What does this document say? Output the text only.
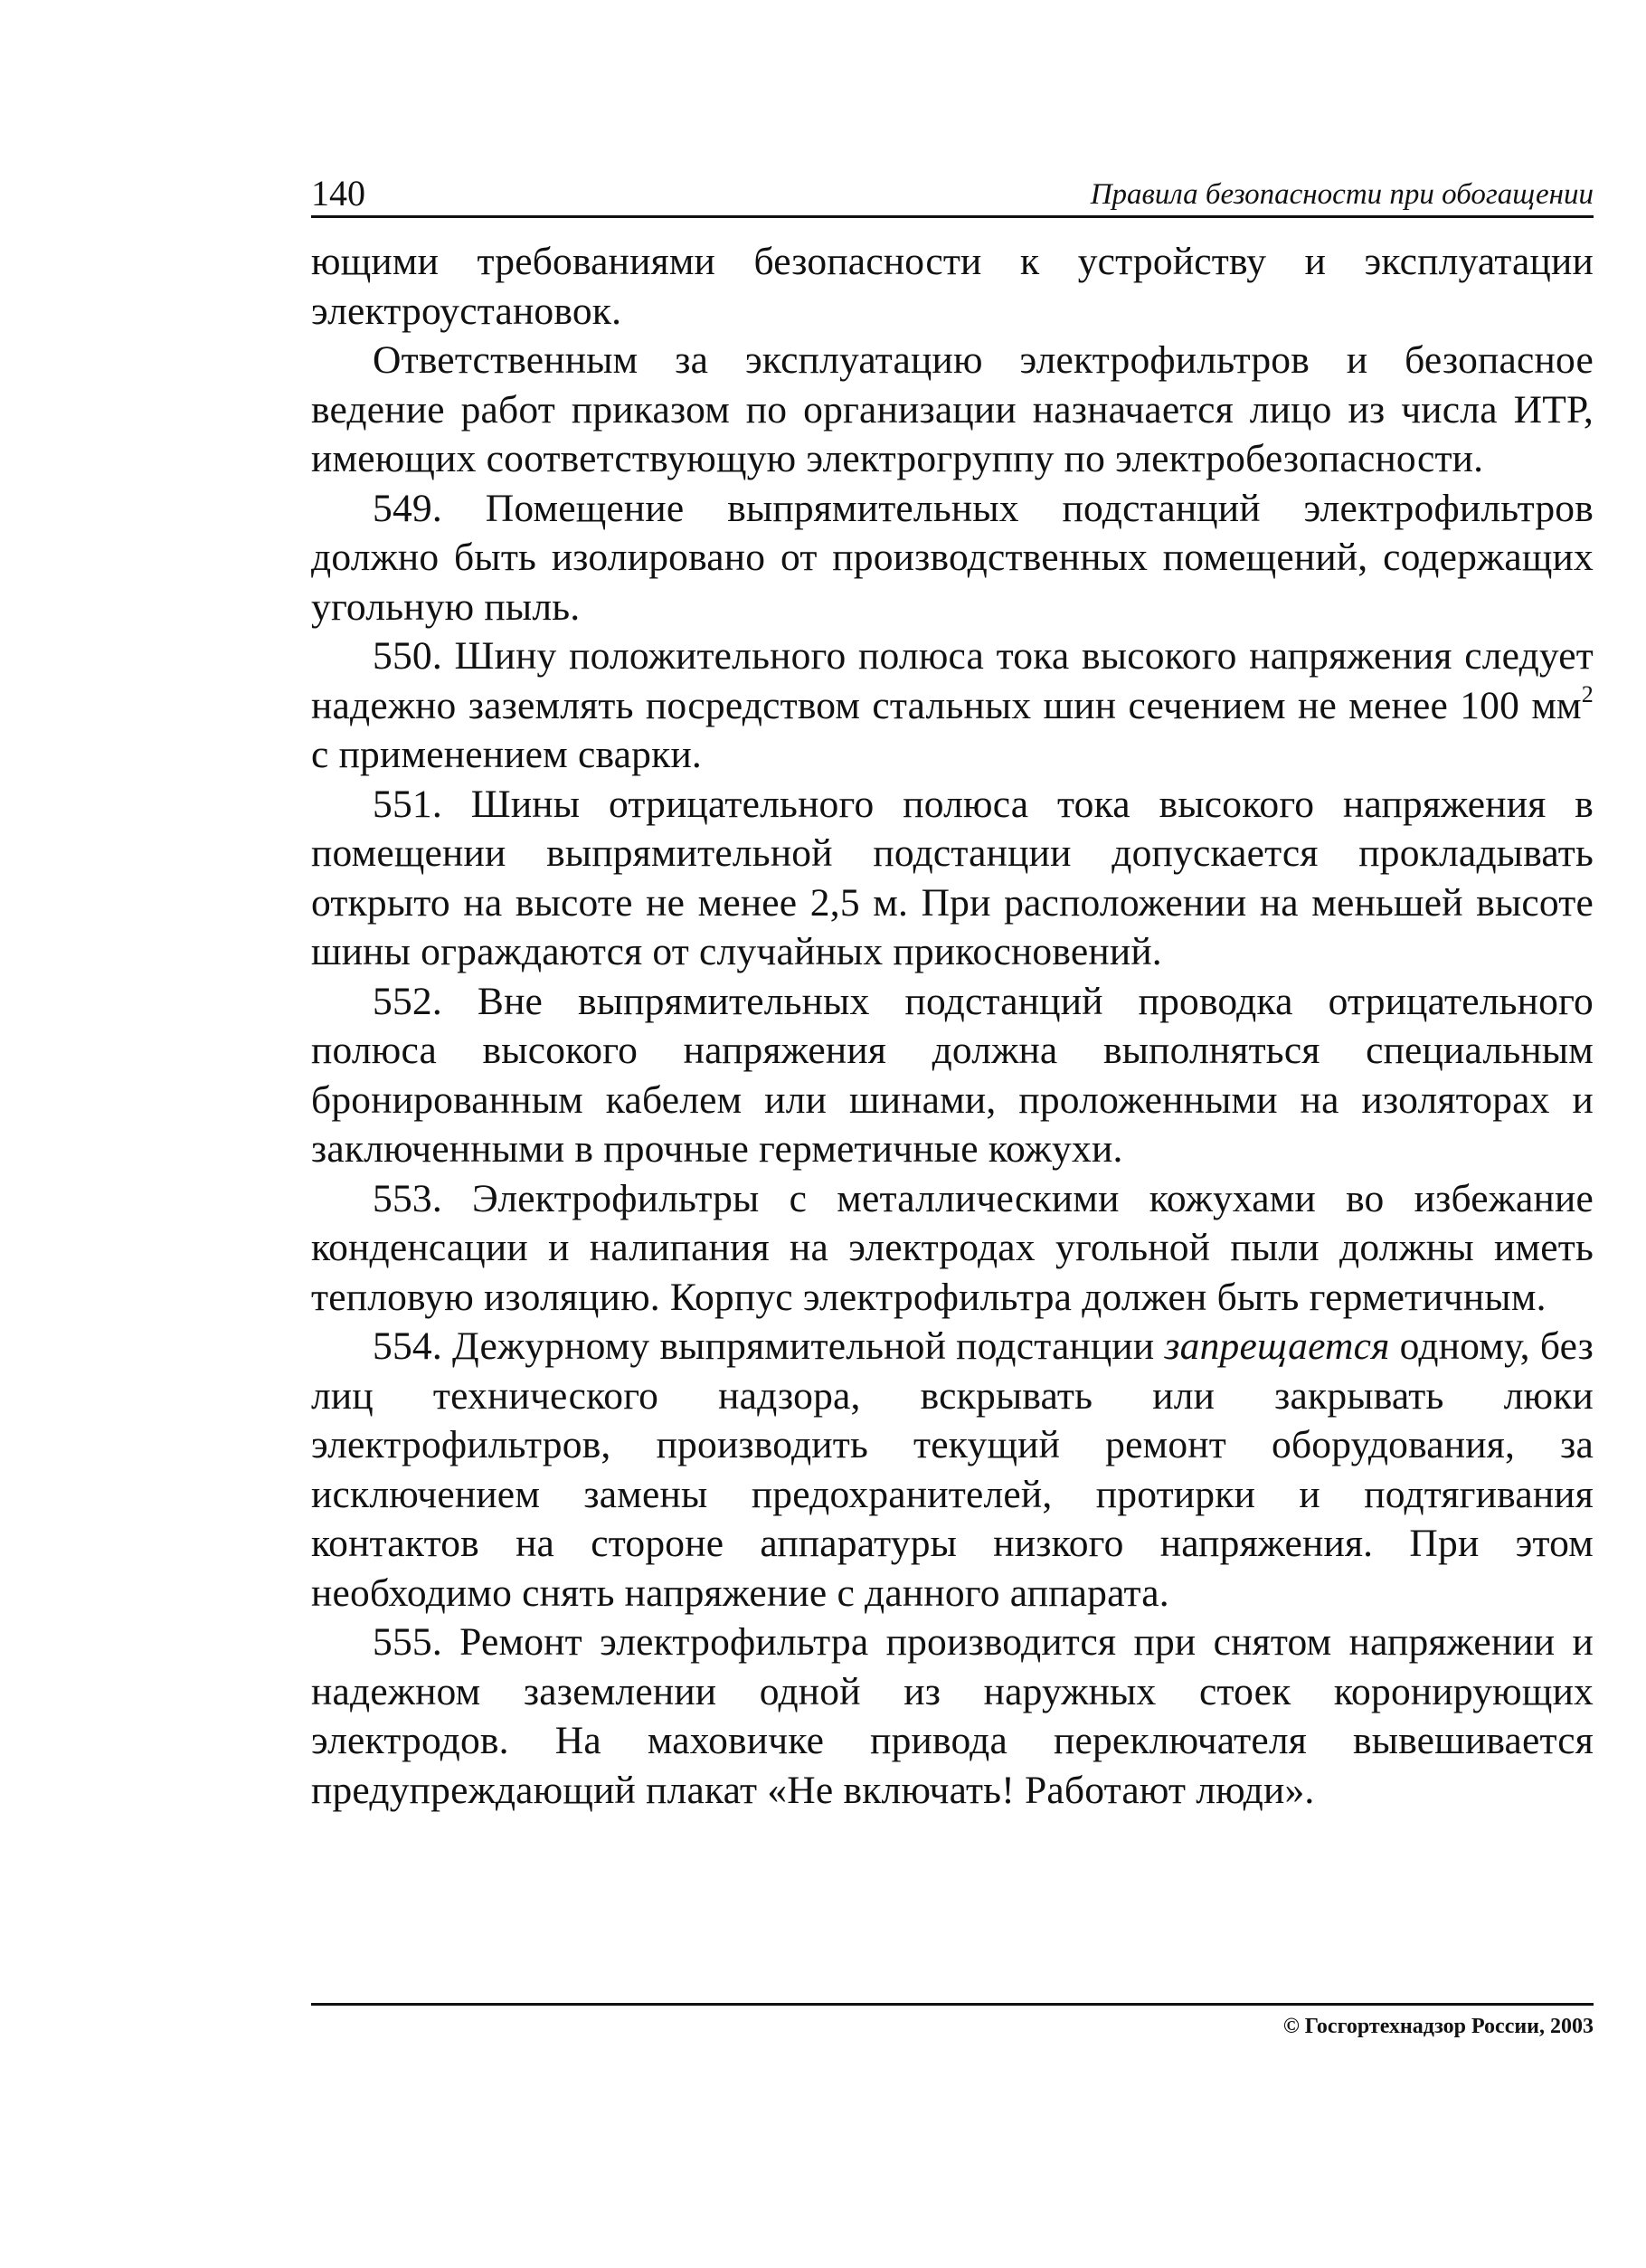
140	Правила безопасности при обогащении

ющими требованиями безопасности к устройству и эксплуатации электроустановок.

Ответственным за эксплуатацию электрофильтров и безопасное ведение работ приказом по организации назначается лицо из числа ИТР, имеющих соответствующую электрогруппу по электробезопасности.

549. Помещение выпрямительных подстанций электрофильтров должно быть изолировано от производственных помещений, содержащих угольную пыль.

550. Шину положительного полюса тока высокого напряжения следует надежно заземлять посредством стальных шин сечением не менее 100 $мм^2$ с применением сварки.

551. Шины отрицательного полюса тока высокого напряжения в помещении выпрямительной подстанции допускается прокладывать открыто на высоте не менее 2,5 м. При расположении на меньшей высоте шины ограждаются от случайных прикосновений.

552. Вне выпрямительных подстанций проводка отрицательного полюса высокого напряжения должна выполняться специальным бронированным кабелем или шинами, проложенными на изоляторах и заключенными в прочные герметичные кожухи.

553. Электрофильтры с металлическими кожухами во избежание конденсации и налипания на электродах угольной пыли должны иметь тепловую изоляцию. Корпус электрофильтра должен быть герметичным.

554. Дежурному выпрямительной подстанции запрещается одному, без лиц технического надзора, вскрывать или закрывать люки электрофильтров, производить текущий ремонт оборудования, за исключением замены предохранителей, протирки и подтягивания контактов на стороне аппаратуры низкого напряжения. При этом необходимо снять напряжение с данного аппарата.

555. Ремонт электрофильтра производится при снятом напряжении и надежном заземлении одной из наружных стоек коронирующих электродов. На маховичке привода переключателя вывешивается предупреждающий плакат «Не включать! Работают люди».

© Госгортехнадзор России, 2003
